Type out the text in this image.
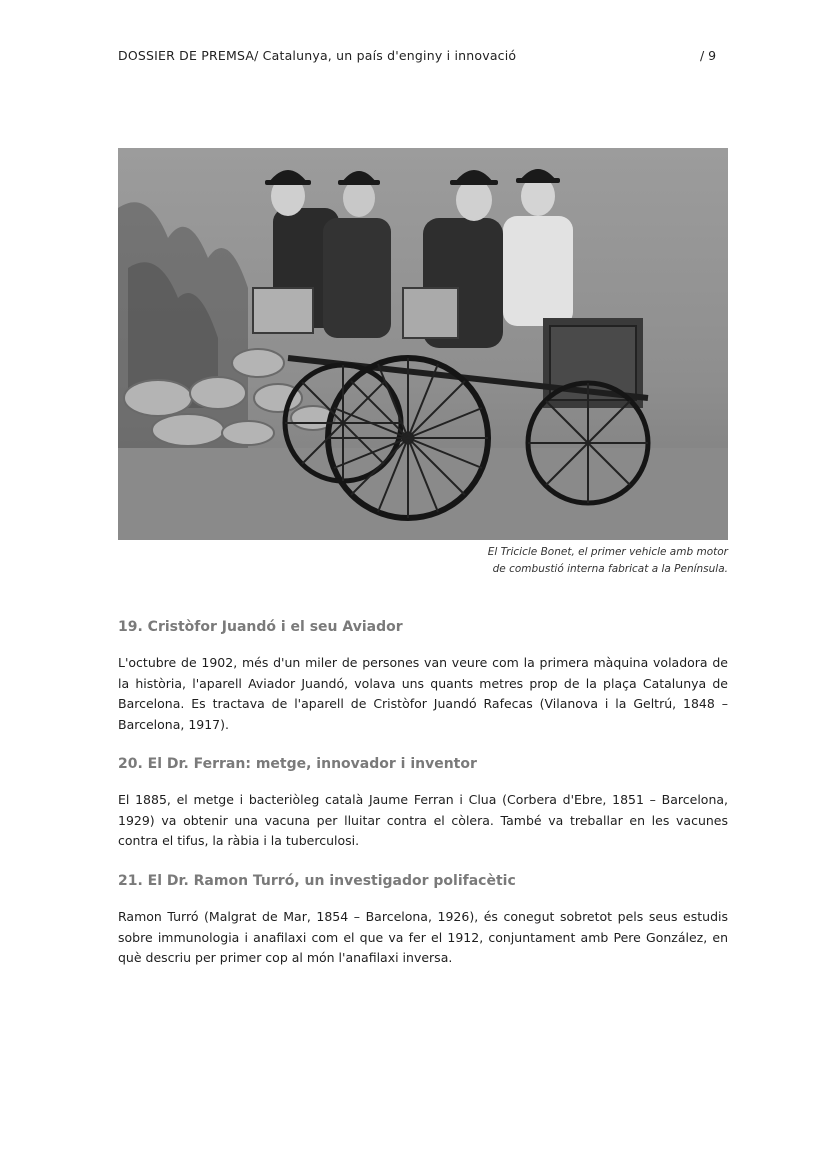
DOSSIER DE PREMSA/ Catalunya, un país d'enginy i innovació	/ 9
El Tricicle Bonet, el primer vehicle amb motor
de combustió interna fabricat a la Península.
19. Cristòfor Juandó i el seu Aviador

L'octubre de 1902, més d'un miler de persones van veure com la primera màquina voladora de la història, l'aparell Aviador Juandó, volava uns quants metres prop de la plaça Catalunya de Barcelona. Es tractava de l'aparell de Cristòfor Juandó Rafecas (Vilanova i la Geltrú, 1848 – Barcelona, 1917).

20. El Dr. Ferran: metge, innovador i inventor

El 1885, el metge i bacteriòleg català Jaume Ferran i Clua (Corbera d'Ebre, 1851 – Barcelona, 1929) va obtenir una vacuna per lluitar contra el còlera. També va treballar en les vacunes contra el tifus, la ràbia i la tuberculosi.

21. El Dr. Ramon Turró, un investigador polifacètic

Ramon Turró (Malgrat de Mar, 1854 – Barcelona, 1926), és conegut sobretot pels seus estudis sobre immunologia i anafilaxi com el que va fer el 1912, conjuntament amb Pere González, en què descriu per primer cop al món l'anafilaxi inversa.
